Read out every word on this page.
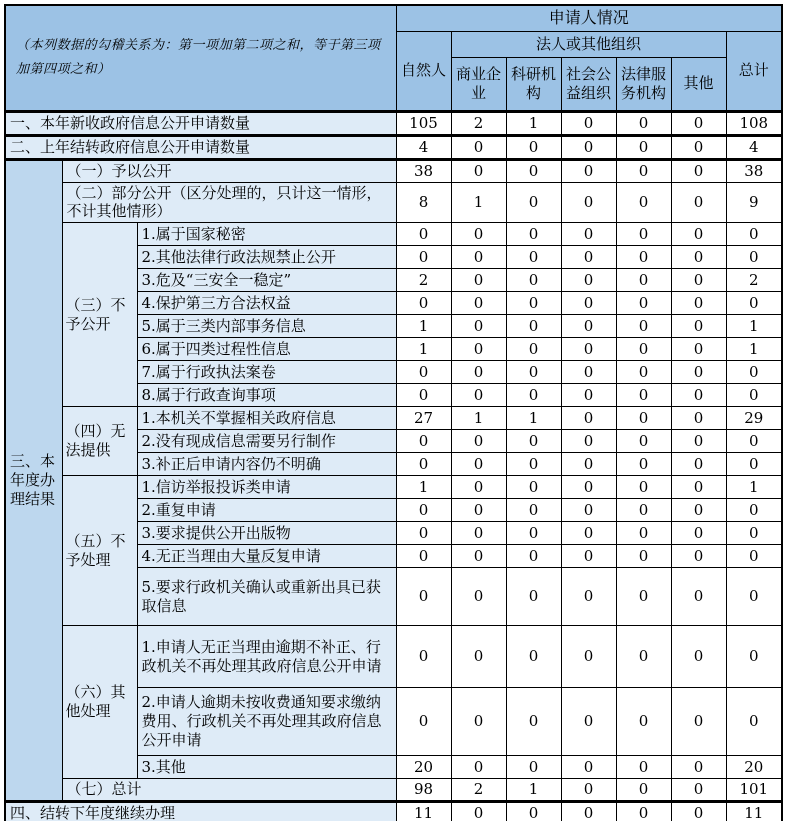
（本列数据的勾稽关系为：第一项加第二项之和，等于第三项加第四项之和）			申请人情况						
			自然人	法人或其他组织					总计
				商业企业	科研机构	社会公益组织	法律服务机构	其他	
一、本年新收政府信息公开申请数量			105	2	1	0	0	0	108
二、上年结转政府信息公开申请数量			4	0	0	0	0	0	4
三、本年度办理结果	（一）予以公开		38	0	0	0	0	0	38
	（二）部分公开（区分处理的，只计这一情形，不计其他情形）		8	1	0	0	0	0	9
	（三）不予公开	1.属于国家秘密	0	0	0	0	0	0	0
		2.其他法律行政法规禁止公开	0	0	0	0	0	0	0
		3.危及“三安全一稳定”	2	0	0	0	0	0	2
		4.保护第三方合法权益	0	0	0	0	0	0	0
		5.属于三类内部事务信息	1	0	0	0	0	0	1
		6.属于四类过程性信息	1	0	0	0	0	0	1
		7.属于行政执法案卷	0	0	0	0	0	0	0
		8.属于行政查询事项	0	0	0	0	0	0	0
	（四）无法提供	1.本机关不掌握相关政府信息	27	1	1	0	0	0	29
		2.没有现成信息需要另行制作	0	0	0	0	0	0	0
		3.补正后申请内容仍不明确	0	0	0	0	0	0	0
	（五）不予处理	1.信访举报投诉类申请	1	0	0	0	0	0	1
		2.重复申请	0	0	0	0	0	0	0
		3.要求提供公开出版物	0	0	0	0	0	0	0
		4.无正当理由大量反复申请	0	0	0	0	0	0	0
		5.要求行政机关确认或重新出具已获取信息	0	0	0	0	0	0	0
	（六）其他处理	1.申请人无正当理由逾期不补正、行政机关不再处理其政府信息公开申请	0	0	0	0	0	0	0
		2.申请人逾期未按收费通知要求缴纳费用、行政机关不再处理其政府信息公开申请	0	0	0	0	0	0	0
		3.其他	20	0	0	0	0	0	20
	（七）总计		98	2	1	0	0	0	101
四、结转下年度继续办理			11	0	0	0	0	0	11
